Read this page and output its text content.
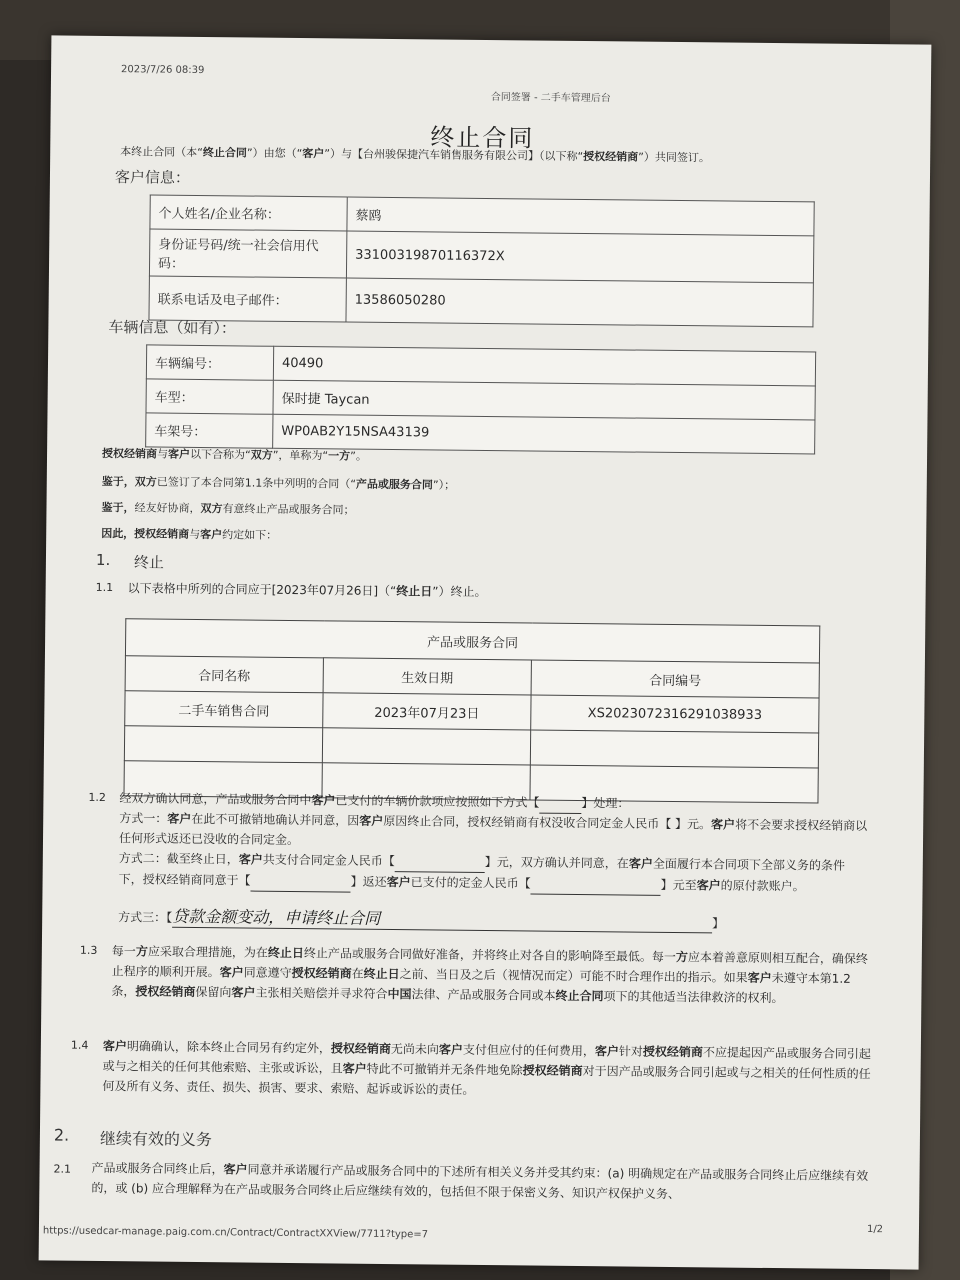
2023/7/26 08:39
合同签署 - 二手车管理后台
终止合同
本终止合同（本“终止合同”）由您（“客户”）与【台州骏保捷汽车销售服务有限公司】（以下称“授权经销商”）共同签订。
客户信息：
个人姓名/企业名称：	蔡鸥
身份证号码/统一社会信用代码：	33100319870116372X
联系电话及电子邮件：	13586050280
车辆信息（如有）：
车辆编号：	40490
车型：	保时捷 Taycan
车架号：	WP0AB2Y15NSA43139
授权经销商与客户以下合称为“双方”，单称为“一方”。
鉴于，双方已签订了本合同第1.1条中列明的合同（“产品或服务合同”）；
鉴于，经友好协商，双方有意终止产品或服务合同；
因此，授权经销商与客户约定如下：
1. 终止
1.1 以下表格中所列的合同应于[2023年07月26日]（“终止日”）终止。
产品或服务合同		
合同名称	生效日期	合同编号
二手车销售合同	2023年07月23日	XS2023072316291038933

1.2 经双方确认同意，产品或服务合同中客户已支付的车辆价款项应按照如下方式【	】处理：
方式一：客户在此不可撤销地确认并同意，因客户原因终止合同，授权经销商有权没收合同定金人民币【 】元。客户将不会要求授权经销商以任何形式返还已没收的合同定金。
方式二：截至终止日，客户共支付合同定金人民币【	】元，双方确认并同意，在客户全面履行本合同项下全部义务的条件下，授权经销商同意于【	】返还客户已支付的定金人民币【	】元至客户的原付款账户。
方式三：【贷款金额变动，申请终止合同	】
1.3 每一方应采取合理措施，为在终止日终止产品或服务合同做好准备，并将终止对各自的影响降至最低。每一方应本着善意原则相互配合，确保终止程序的顺利开展。客户同意遵守授权经销商在终止日之前、当日及之后（视情况而定）可能不时合理作出的指示。如果客户未遵守本第1.2条，授权经销商保留向客户主张相关赔偿并寻求符合中国法律、产品或服务合同或本终止合同项下的其他适当法律救济的权利。
1.4 客户明确确认，除本终止合同另有约定外，授权经销商无尚未向客户支付但应付的任何费用，客户针对授权经销商不应提起因产品或服务合同引起或与之相关的任何其他索赔、主张或诉讼，且客户特此不可撤销并无条件地免除授权经销商对于因产品或服务合同引起或与之相关的任何性质的任何及所有义务、责任、损失、损害、要求、索赔、起诉或诉讼的责任。
2. 继续有效的义务
2.1 产品或服务合同终止后，客户同意并承诺履行产品或服务合同中的下述所有相关义务并受其约束：(a) 明确规定在产品或服务合同终止后应继续有效的，或 (b) 应合理解释为在产品或服务合同终止后应继续有效的，包括但不限于保密义务、知识产权保护义务、
1/2
https://usedcar-manage.paig.com.cn/Contract/ContractXXView/7711?type=7
